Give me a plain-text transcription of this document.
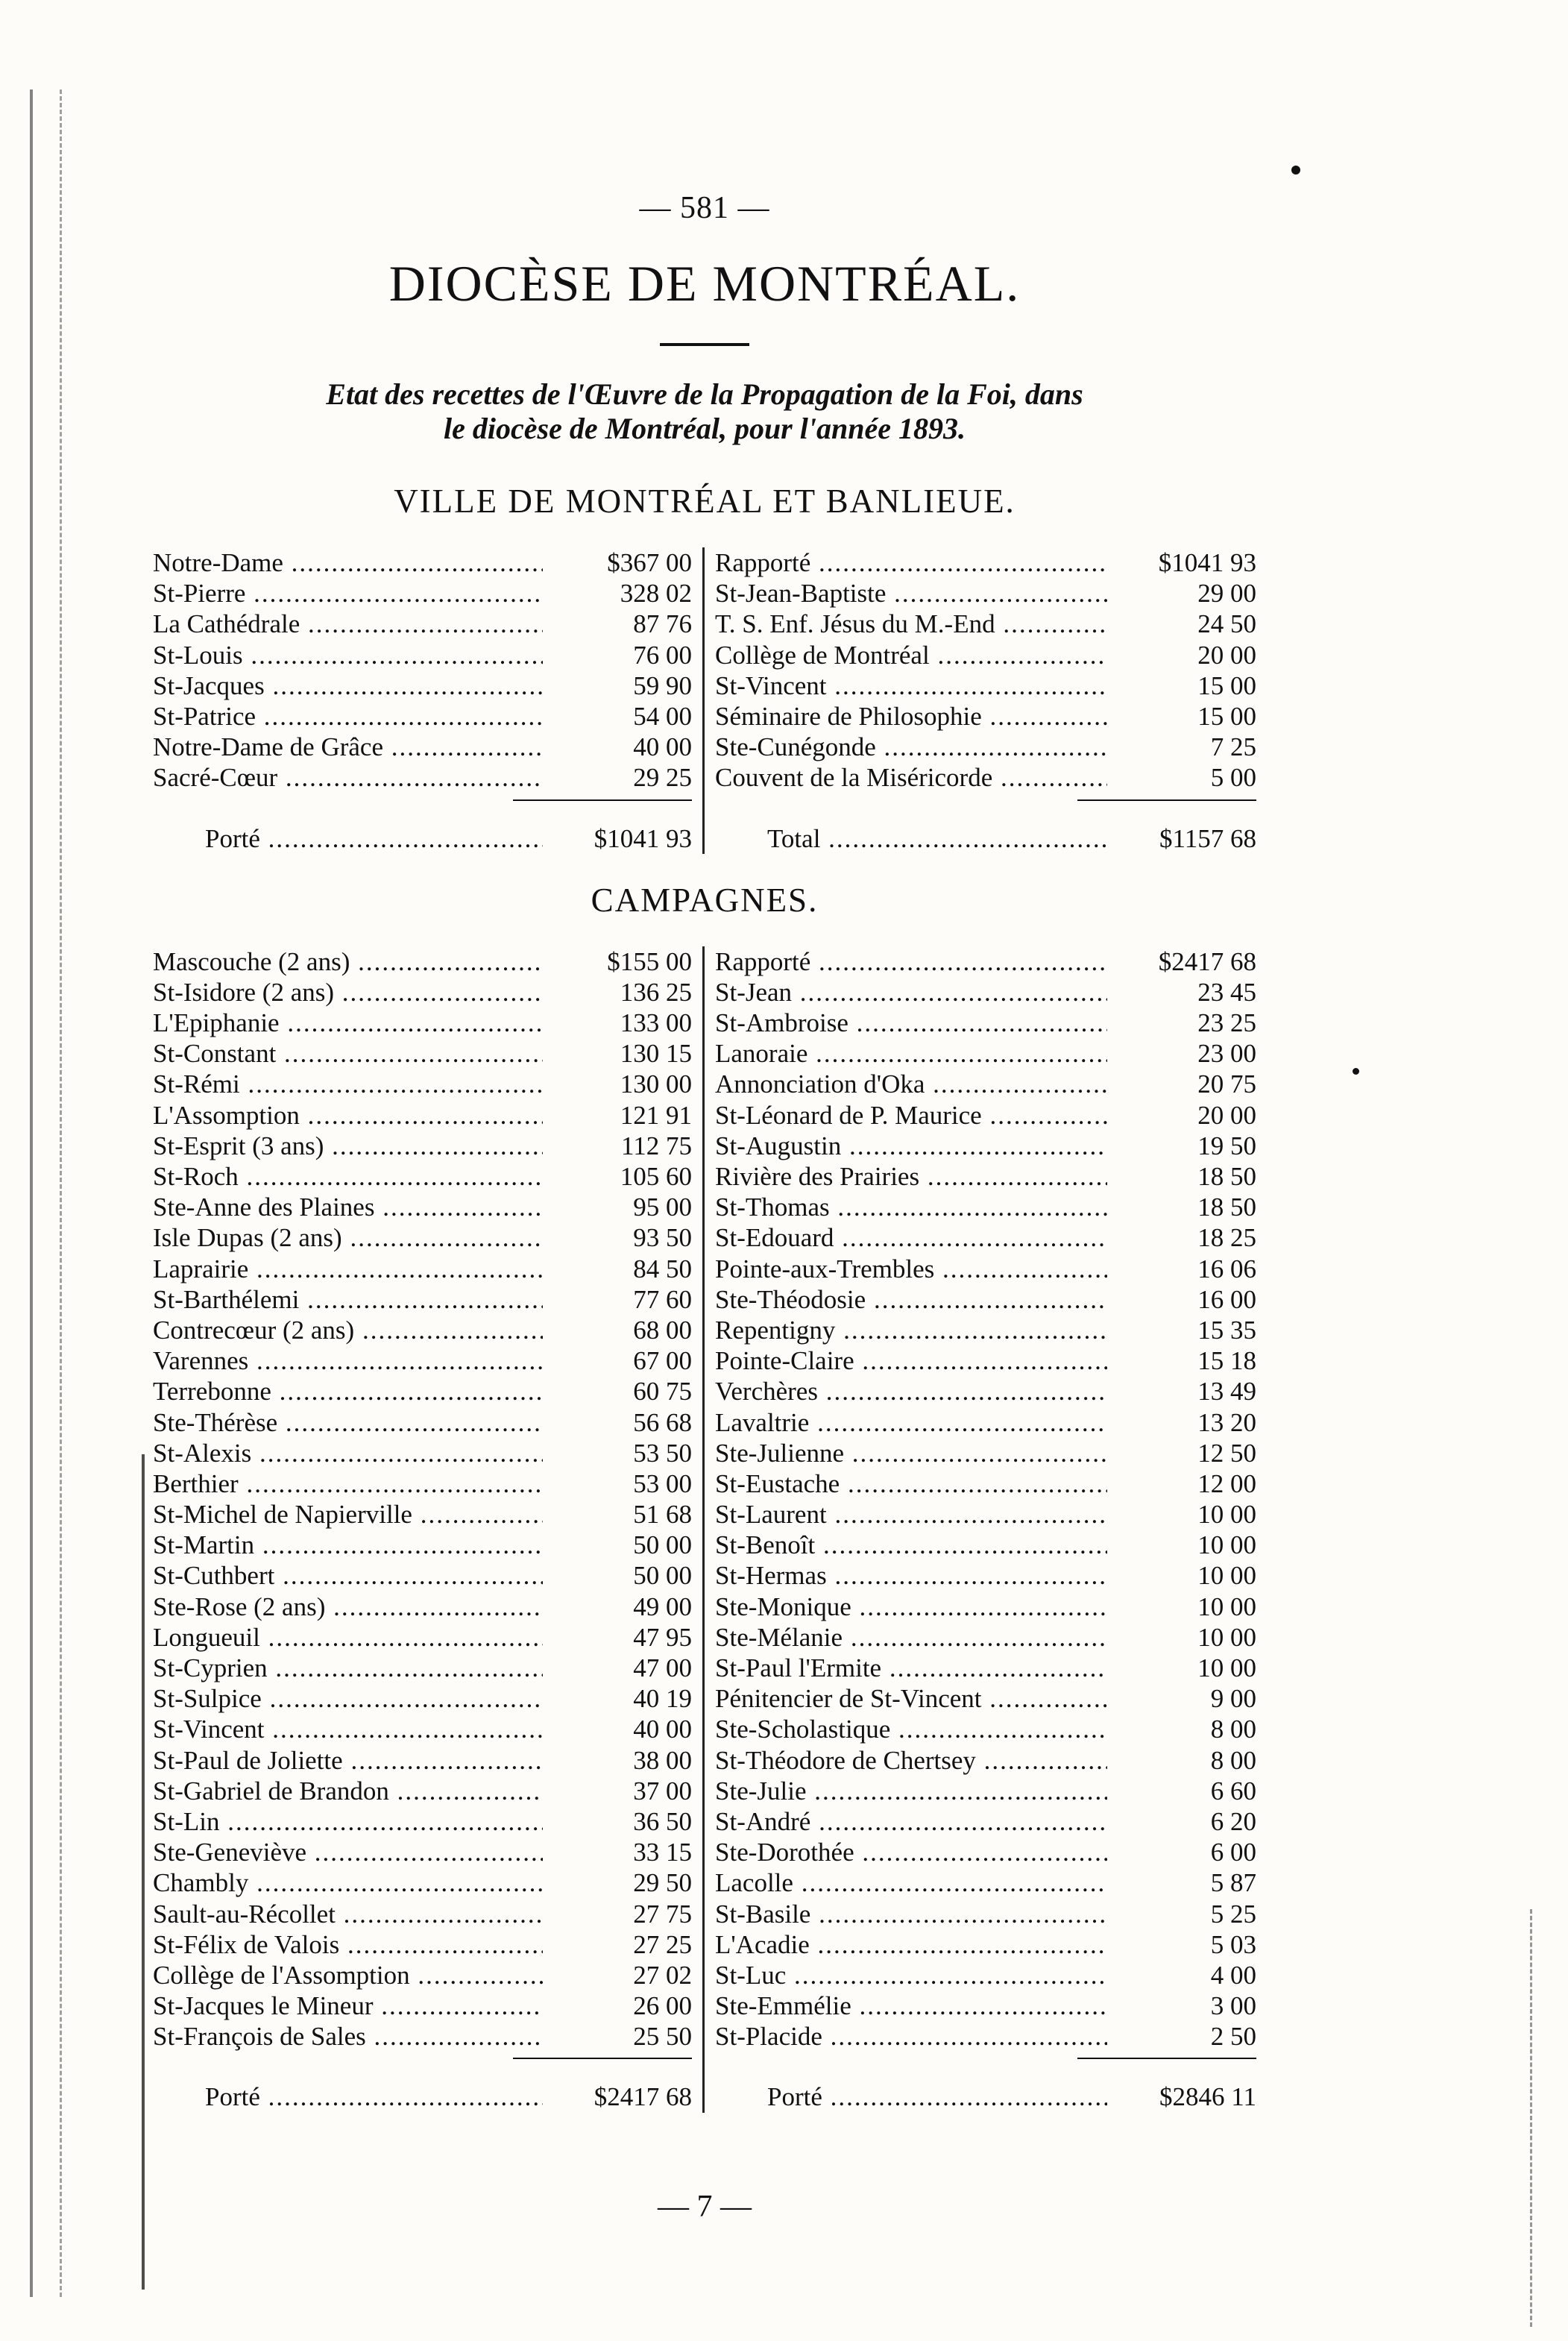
— 581 —
DIOCÈSE DE MONTRÉAL.
Etat des recettes de l'Œuvre de la Propagation de la Foi, dans
le diocèse de Montréal, pour l'année 1893.
VILLE DE MONTRÉAL ET BANLIEUE.
Notre-Dame .....	$367 00
St-Pierre .....	328 02
La Cathédrale .....	87 76
St-Louis .....	76 00
St-Jacques .....	59 90
St-Patrice .....	54 00
Notre-Dame de Grâce .....	40 00
Sacré-Cœur .....	29 25
Porté .....	$1041 93
Rapporté .....	$1041 93
St-Jean-Baptiste .....	29 00
T. S. Enf. Jésus du M.-End .....	24 50
Collège de Montréal .....	20 00
St-Vincent .....	15 00
Séminaire de Philosophie .....	15 00
Ste-Cunégonde .....	7 25
Couvent de la Miséricorde .....	5 00
Total .....	$1157 68
CAMPAGNES.
Mascouche (2 ans) .....	$155 00
St-Isidore (2 ans) .....	136 25
L'Epiphanie .....	133 00
St-Constant .....	130 15
St-Rémi .....	130 00
L'Assomption .....	121 91
St-Esprit (3 ans) .....	112 75
St-Roch .....	105 60
Ste-Anne des Plaines .....	95 00
Isle Dupas (2 ans) .....	93 50
Laprairie .....	84 50
St-Barthélemi .....	77 60
Contrecœur (2 ans) .....	68 00
Varennes .....	67 00
Terrebonne .....	60 75
Ste-Thérèse .....	56 68
St-Alexis .....	53 50
Berthier .....	53 00
St-Michel de Napierville .....	51 68
St-Martin .....	50 00
St-Cuthbert .....	50 00
Ste-Rose (2 ans) .....	49 00
Longueuil .....	47 95
St-Cyprien .....	47 00
St-Sulpice .....	40 19
St-Vincent .....	40 00
St-Paul de Joliette .....	38 00
St-Gabriel de Brandon .....	37 00
St-Lin .....	36 50
Ste-Geneviève .....	33 15
Chambly .....	29 50
Sault-au-Récollet .....	27 75
St-Félix de Valois .....	27 25
Collège de l'Assomption .....	27 02
St-Jacques le Mineur .....	26 00
St-François de Sales .....	25 50
Porté .....	$2417 68
Rapporté .....	$2417 68
St-Jean .....	23 45
St-Ambroise .....	23 25
Lanoraie .....	23 00
Annonciation d'Oka .....	20 75
St-Léonard de P. Maurice .....	20 00
St-Augustin .....	19 50
Rivière des Prairies .....	18 50
St-Thomas .....	18 50
St-Edouard .....	18 25
Pointe-aux-Trembles .....	16 06
Ste-Théodosie .....	16 00
Repentigny .....	15 35
Pointe-Claire .....	15 18
Verchères .....	13 49
Lavaltrie .....	13 20
Ste-Julienne .....	12 50
St-Eustache .....	12 00
St-Laurent .....	10 00
St-Benoît .....	10 00
St-Hermas .....	10 00
Ste-Monique .....	10 00
Ste-Mélanie .....	10 00
St-Paul l'Ermite .....	10 00
Pénitencier de St-Vincent .....	9 00
Ste-Scholastique .....	8 00
St-Théodore de Chertsey .....	8 00
Ste-Julie .....	6 60
St-André .....	6 20
Ste-Dorothée .....	6 00
Lacolle .....	5 87
St-Basile .....	5 25
L'Acadie .....	5 03
St-Luc .....	4 00
Ste-Emmélie .....	3 00
St-Placide .....	2 50
Porté .....	$2846 11
— 7 —
